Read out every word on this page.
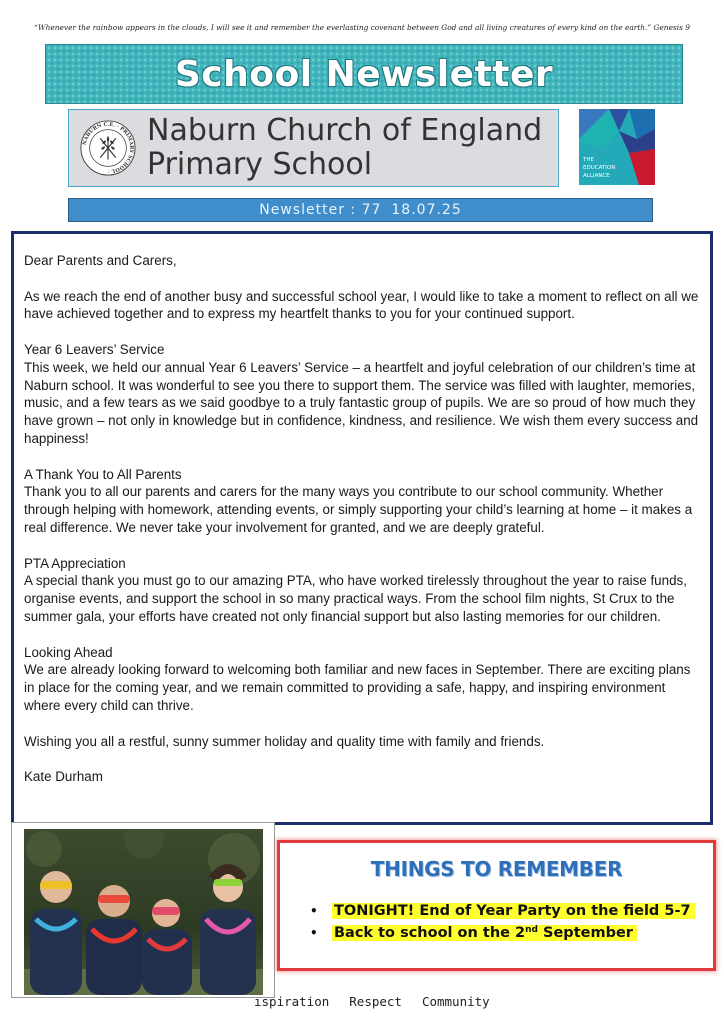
“Whenever the rainbow appears in the clouds, I will see it and remember the everlasting covenant between God and all living creatures of every kind on the earth.” Genesis 9
School Newsletter
NABURN C.E. · PRIMARY SCHOOL ·
Naburn Church of England
Primary School	THE
EDUCATION
ALLIANCE
Newsletter : 77 18.07.25

Dear Parents and Carers,

As we reach the end of another busy and successful school year, I would like to take a moment to reflect on all we have achieved together and to express my heartfelt thanks to you for your continued support.

Year 6 Leavers’ Service

This week, we held our annual Year 6 Leavers’ Service – a heartfelt and joyful celebration of our children’s time at Naburn school. It was wonderful to see you there to support them. The service was filled with laughter, memories, music, and a few tears as we said goodbye to a truly fantastic group of pupils. We are so proud of how much they have grown – not only in knowledge but in confidence, kindness, and resilience. We wish them every success and happiness!

A Thank You to All Parents

Thank you to all our parents and carers for the many ways you contribute to our school community. Whether through helping with homework, attending events, or simply supporting your child’s learning at home – it makes a real difference. We never take your involvement for granted, and we are deeply grateful.

PTA Appreciation

A special thank you must go to our amazing PTA, who have worked tirelessly throughout the year to raise funds, organise events, and support the school in so many practical ways. From the school film nights, St Crux to the summer gala, your efforts have created not only financial support but also lasting memories for our children.

Looking Ahead

We are already looking forward to welcoming both familiar and new faces in September. There are exciting plans in place for the coming year, and we remain committed to providing a safe, happy, and inspiring environment where every child can thrive.

Wishing you all a restful, sunny summer holiday and quality time with family and friends.

Kate Durham

THINGS TO REMEMBER
•	TONIGHT! End of Year Party on the field 5-7
•	Back to school on the 2nd September
ıspiration Respect Community
